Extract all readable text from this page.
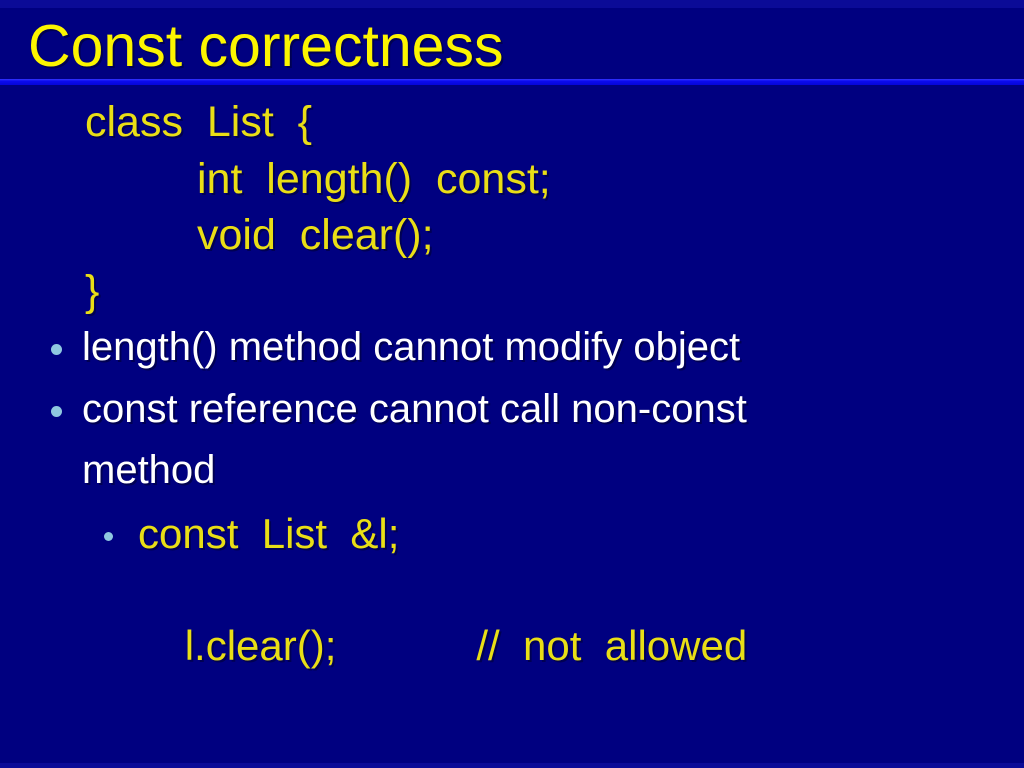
Const correctness
class  List  {
int  length()  const;
void  clear();
}
length() method cannot modify object
const reference cannot call non-const
method
const  List  &l;

l.clear();	//  not  allowed
